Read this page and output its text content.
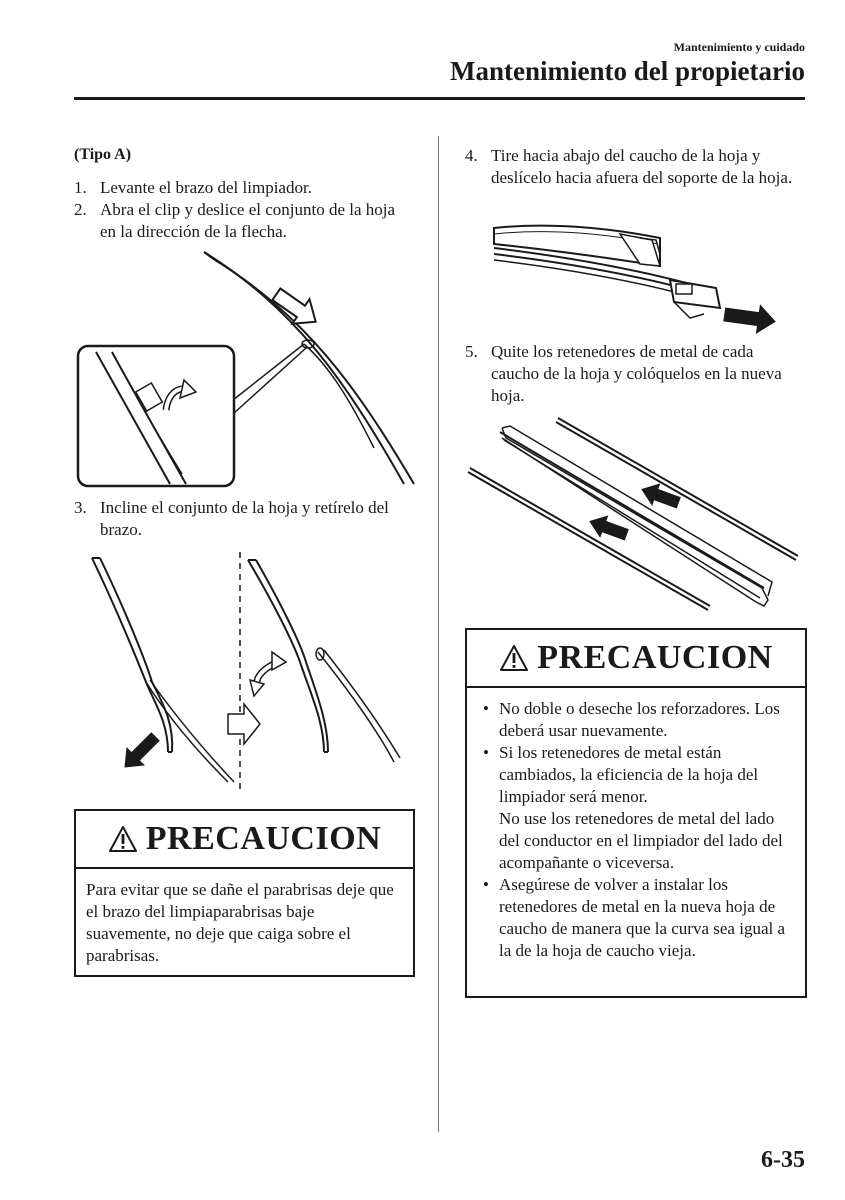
Mantenimiento y cuidado
Mantenimiento del propietario
(Tipo A)
1. Levante el brazo del limpiador.
2. Abra el clip y deslice el conjunto de la hoja en la dirección de la flecha.
3. Incline el conjunto de la hoja y retírelo del brazo.
PRECAUCION
Para evitar que se dañe el parabrisas deje que el brazo del limpiaparabrisas baje suavemente, no deje que caiga sobre el parabrisas.
4. Tire hacia abajo del caucho de la hoja y deslícelo hacia afuera del soporte de la hoja.
5. Quite los retenedores de metal de cada caucho de la hoja y colóquelos en la nueva hoja.
PRECAUCION
• No doble o deseche los reforzadores. Los deberá usar nuevamente.
• Si los retenedores de metal están cambiados, la eficiencia de la hoja del limpiador será menor.
No use los retenedores de metal del lado del conductor en el limpiador del lado del acompañante o viceversa.
• Asegúrese de volver a instalar los retenedores de metal en la nueva hoja de caucho de manera que la curva sea igual a la de la hoja de caucho vieja.
6-35
